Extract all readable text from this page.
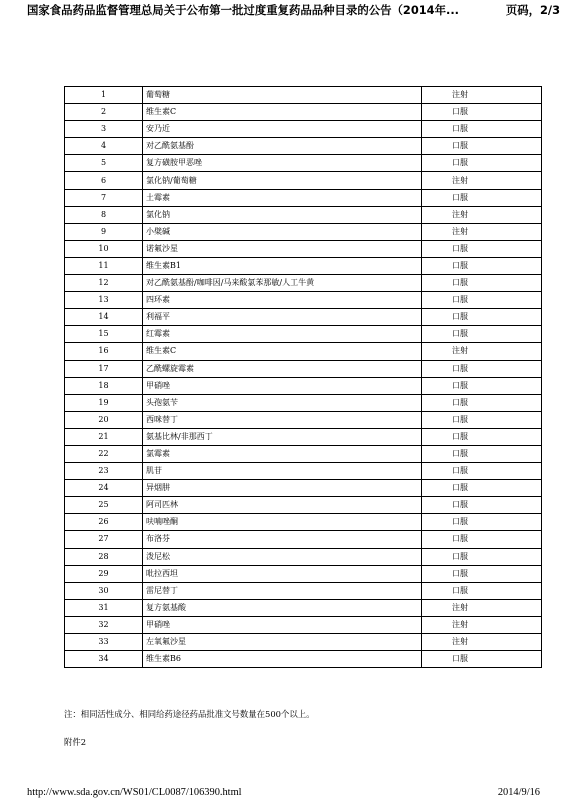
国家食品药品监督管理总局关于公布第一批过度重复药品品种目录的公告（2014年...	页码，2/3
1	葡萄糖	注射
2	维生素C	口服
3	安乃近	口服
4	对乙酰氨基酚	口服
5	复方磺胺甲恶唑	口服
6	氯化钠/葡萄糖	注射
7	土霉素	口服
8	氯化钠	注射
9	小檗碱	注射
10	诺氟沙星	口服
11	维生素B1	口服
12	对乙酰氨基酚/咖啡因/马来酸氯苯那敏/人工牛黄	口服
13	四环素	口服
14	利福平	口服
15	红霉素	口服
16	维生素C	注射
17	乙酰螺旋霉素	口服
18	甲硝唑	口服
19	头孢氨苄	口服
20	西咪替丁	口服
21	氨基比林/非那西丁	口服
22	氯霉素	口服
23	肌苷	口服
24	异烟肼	口服
25	阿司匹林	口服
26	呋喃唑酮	口服
27	布洛芬	口服
28	泼尼松	口服
29	吡拉西坦	口服
30	雷尼替丁	口服
31	复方氨基酸	注射
32	甲硝唑	注射
33	左氧氟沙星	注射
34	维生素B6	口服
注：相同活性成分、相同给药途径药品批准文号数量在500个以上。
附件2
http://www.sda.gov.cn/WS01/CL0087/106390.html	2014/9/16
